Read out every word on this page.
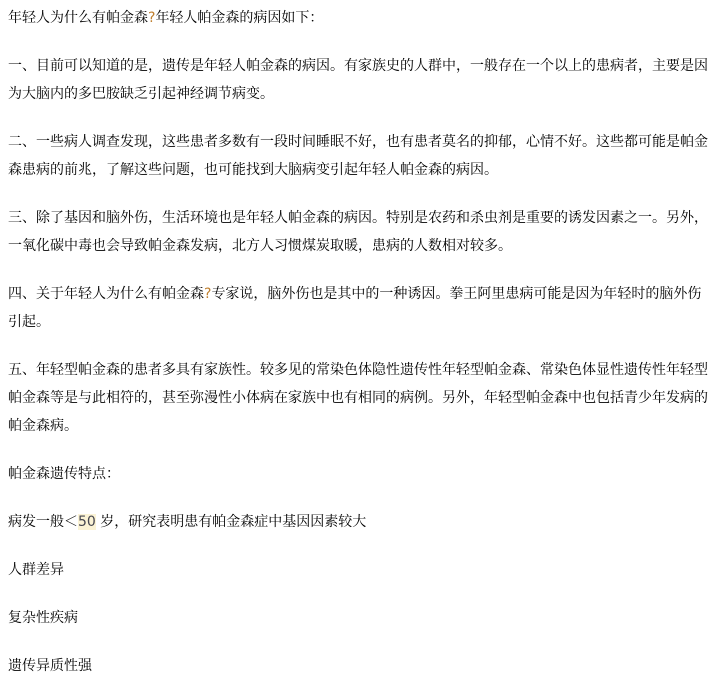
年轻人为什么有帕金森?年轻人帕金森的病因如下：

一、目前可以知道的是，遗传是年轻人帕金森的病因。有家族史的人群中，一般存在一个以上的患病者，主要是因为大脑内的多巴胺缺乏引起神经调节病变。

二、一些病人调查发现，这些患者多数有一段时间睡眠不好，也有患者莫名的抑郁，心情不好。这些都可能是帕金森患病的前兆，了解这些问题，也可能找到大脑病变引起年轻人帕金森的病因。

三、除了基因和脑外伤，生活环境也是年轻人帕金森的病因。特别是农药和杀虫剂是重要的诱发因素之一。另外，一氧化碳中毒也会导致帕金森发病，北方人习惯煤炭取暖，患病的人数相对较多。

四、关于年轻人为什么有帕金森?专家说，脑外伤也是其中的一种诱因。拳王阿里患病可能是因为年轻时的脑外伤引起。

五、年轻型帕金森的患者多具有家族性。较多见的常染色体隐性遗传性年轻型帕金森、常染色体显性遗传性年轻型帕金森等是与此相符的，甚至弥漫性小体病在家族中也有相同的病例。另外，年轻型帕金森中也包括青少年发病的帕金森病。

帕金森遗传特点：

病发一般＜50 岁，研究表明患有帕金森症中基因因素较大

人群差异

复杂性疾病

遗传异质性强
